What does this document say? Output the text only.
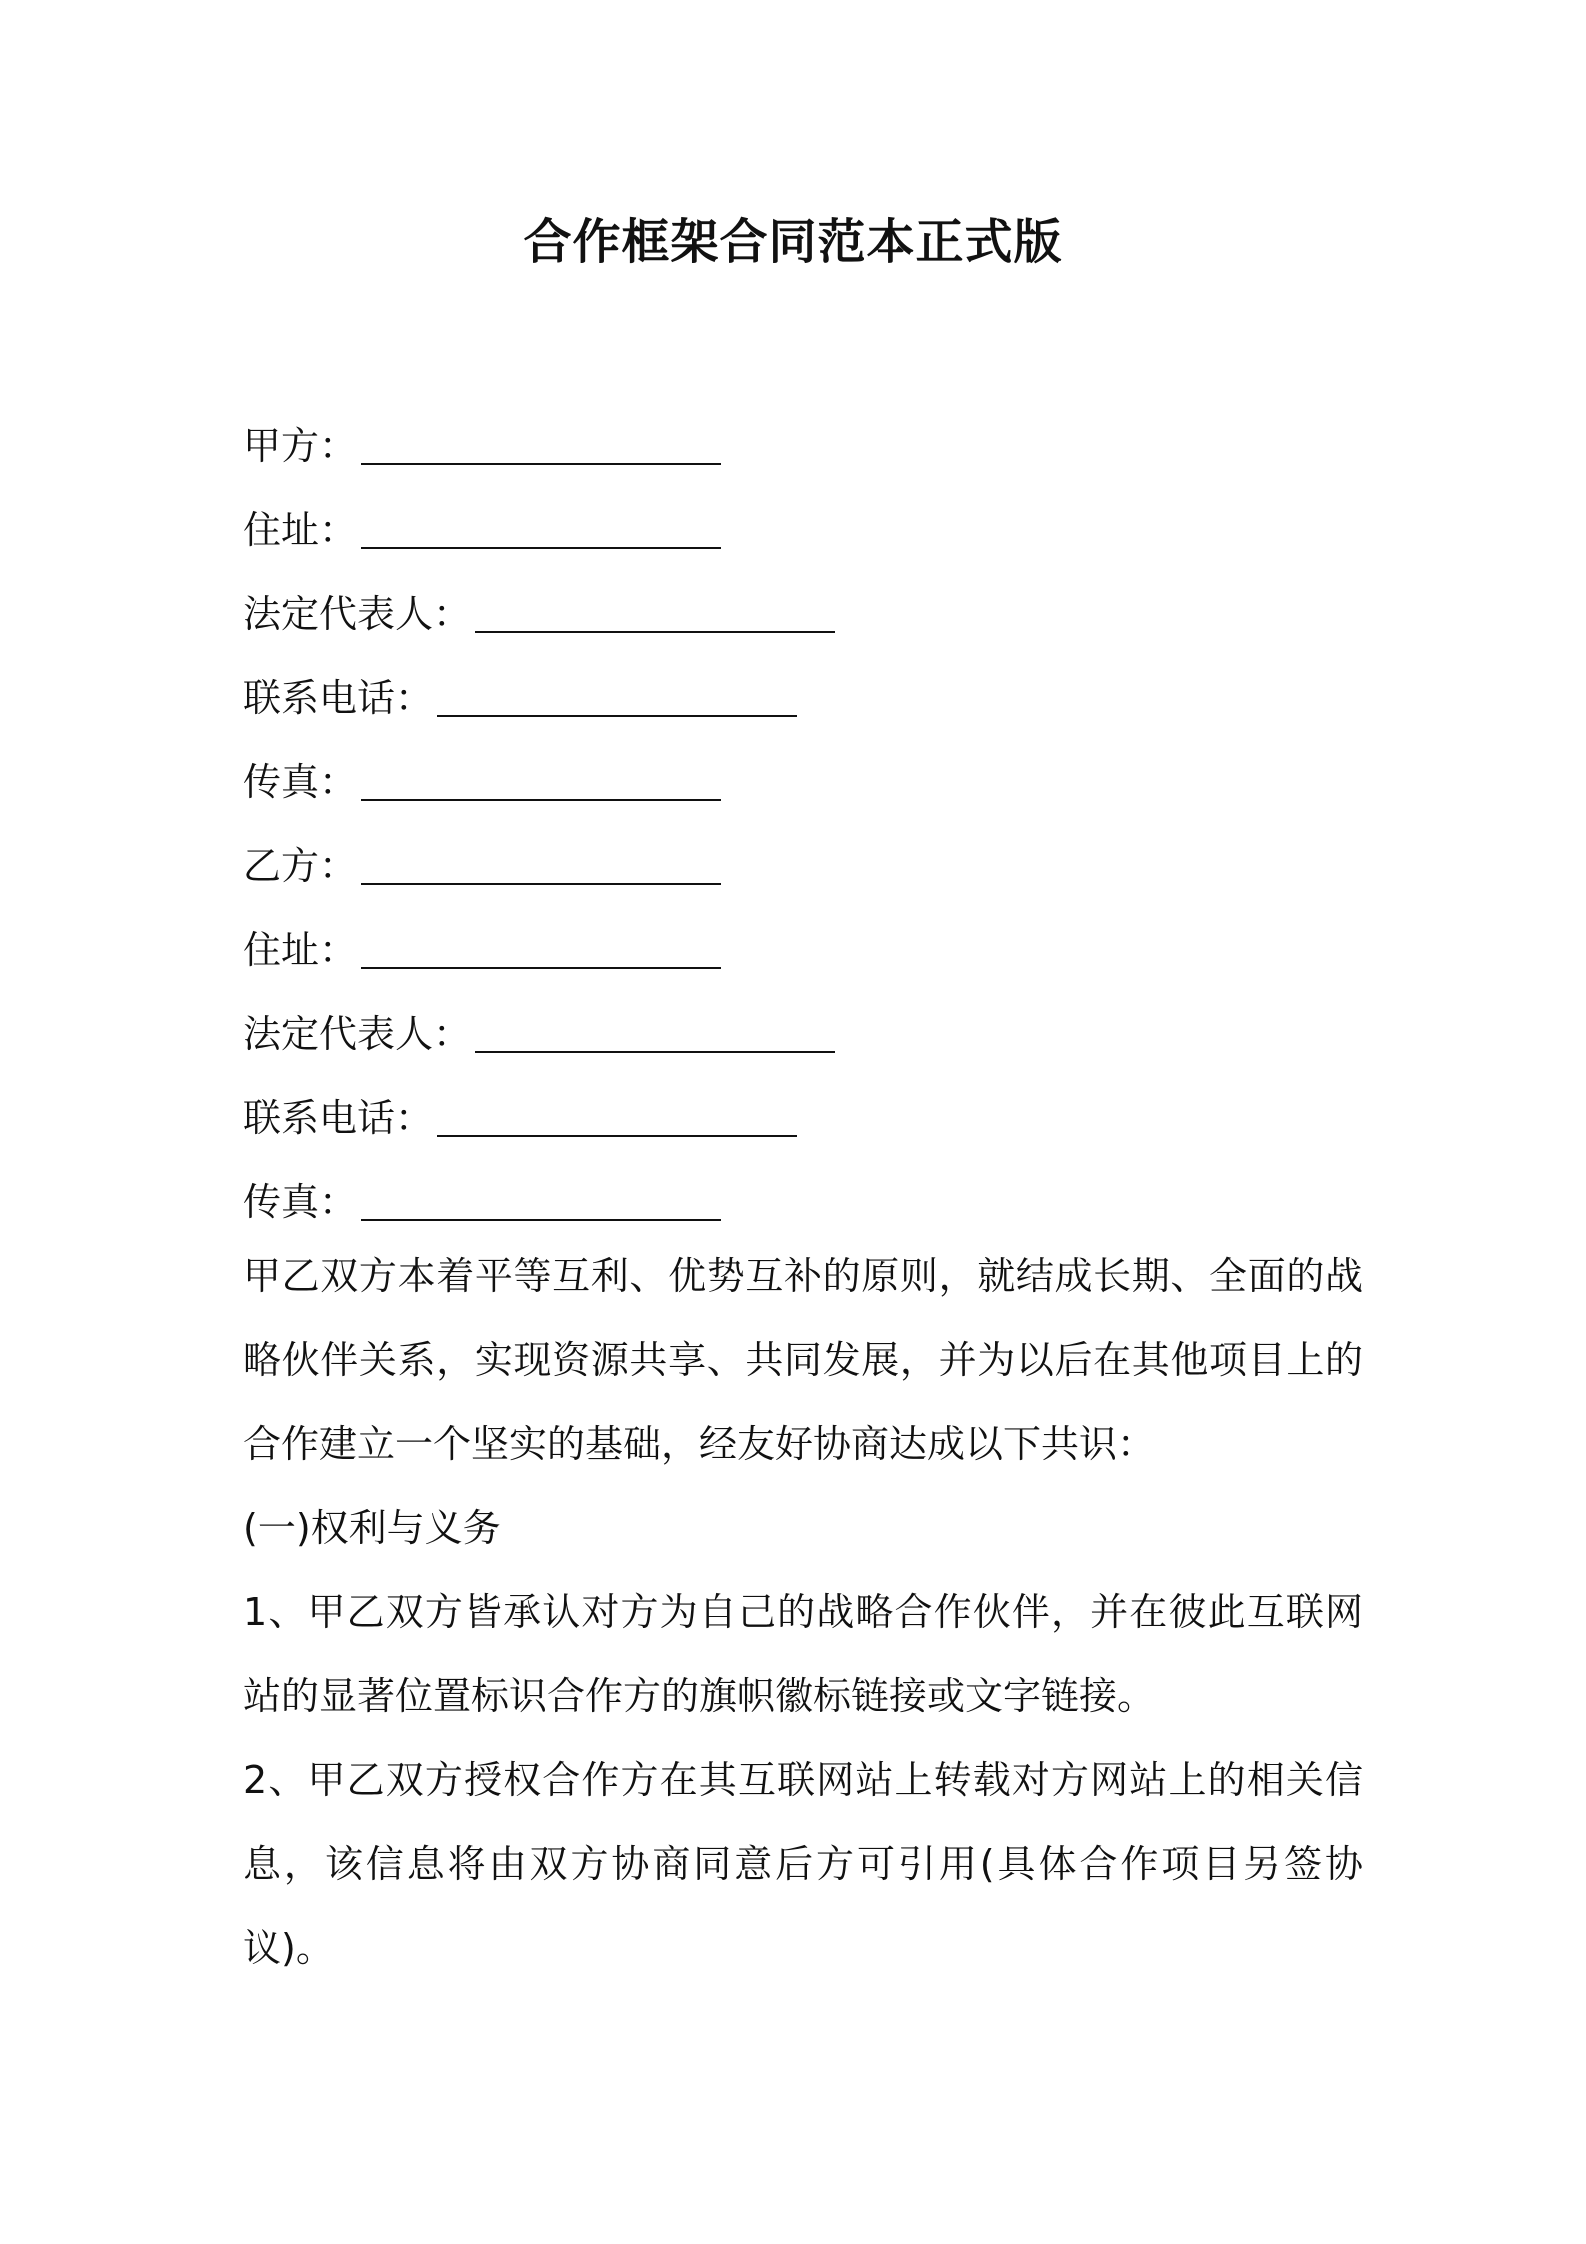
合作框架合同范本正式版
甲方：
住址：
法定代表人：
联系电话：
传真：
乙方：
住址：
法定代表人：
联系电话：
传真：

甲乙双方本着平等互利、优势互补的原则，就结成长期、全面的战略伙伴关系，实现资源共享、共同发展，并为以后在其他项目上的合作建立一个坚实的基础，经友好协商达成以下共识：

(一)权利与义务

1、甲乙双方皆承认对方为自己的战略合作伙伴，并在彼此互联网站的显著位置标识合作方的旗帜徽标链接或文字链接。

2、甲乙双方授权合作方在其互联网站上转载对方网站上的相关信息，该信息将由双方协商同意后方可引用(具体合作项目另签协议)。
